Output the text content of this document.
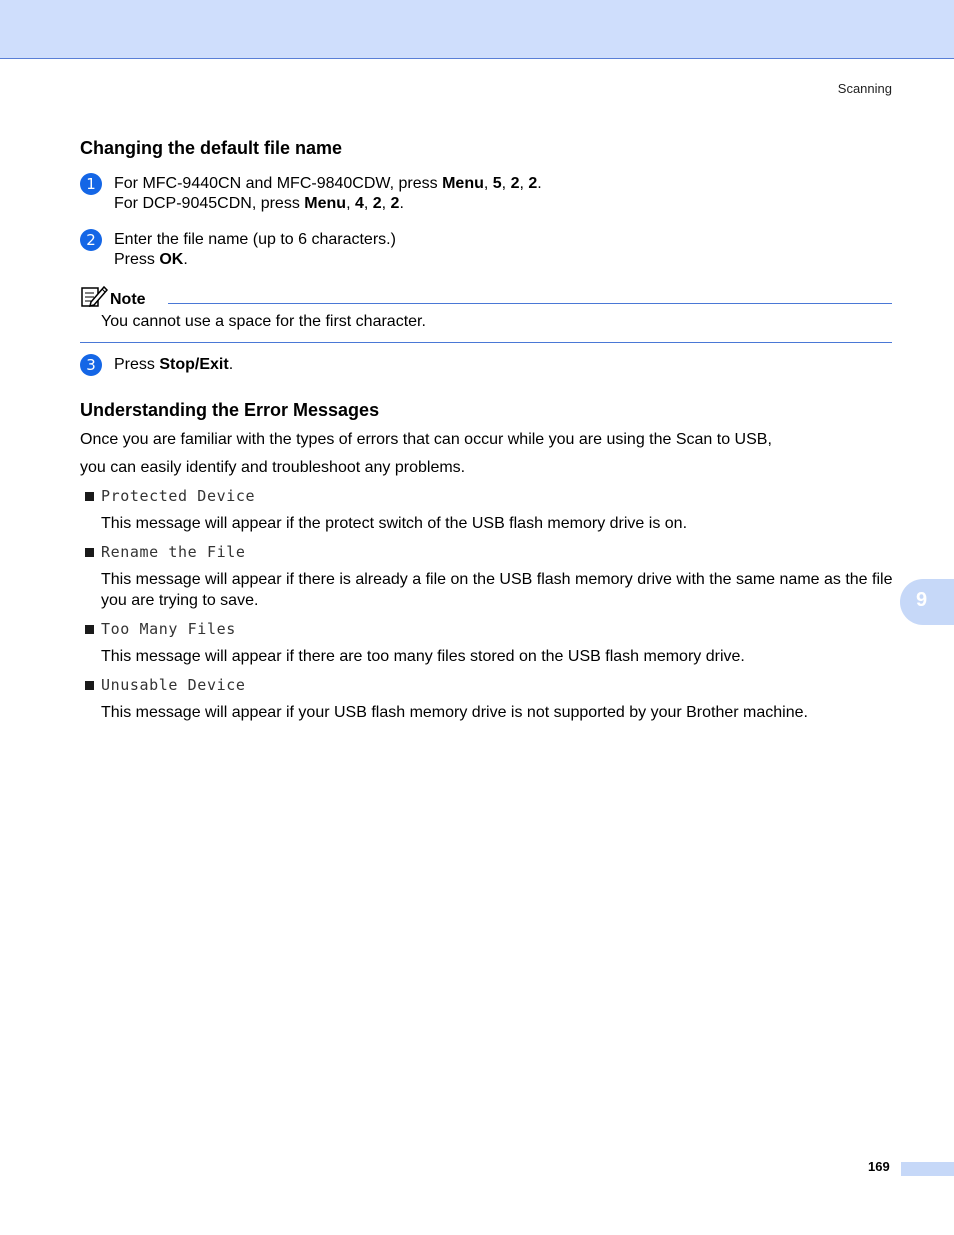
Scanning
Changing the default file name
1	For MFC-9440CN and MFC-9840CDW, press Menu, 5, 2, 2.
For DCP-9045CDN, press Menu, 4, 2, 2.
2	Enter the file name (up to 6 characters.)
Press OK.
Note
You cannot use a space for the first character.
3	Press Stop/Exit.
Understanding the Error Messages
Once you are familiar with the types of errors that can occur while you are using the Scan to USB,
you can easily identify and troubleshoot any problems.
Protected Device
This message will appear if the protect switch of the USB flash memory drive is on.
Rename the File
This message will appear if there is already a file on the USB flash memory drive with the same name as the file you are trying to save.
Too Many Files
This message will appear if there are too many files stored on the USB flash memory drive.
Unusable Device
This message will appear if your USB flash memory drive is not supported by your Brother machine.
9
169
